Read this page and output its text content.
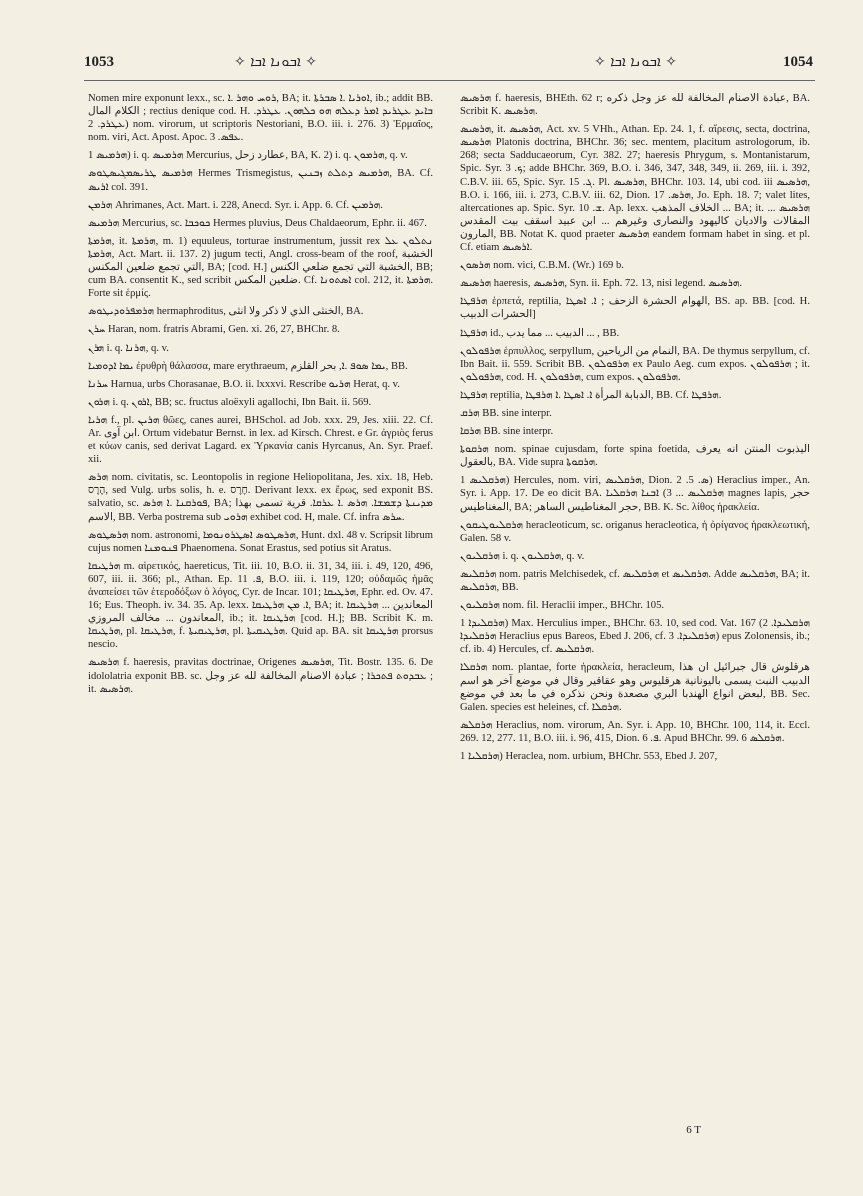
1053	✧ ܐܒܘܢܐ ܐܒܐ ✧	✧ ܐܒܘܢܐ ܐܒܐ ✧	1054

Nomen mire exponunt lexx., sc. ܪܘܚ ܘܗܪ .ܐ, BA; it. ܐܘܪܝܐ .ܐ ܣܒܪܬܐ, ib.; addit BB. الكلام المال ; rectius denique cod. H. ܒܐܝܕ ܥܛܪܝܕ ܐܡܪ ܕܥܠܗ ܗܘ ܟܠܗܘܢ. ܥܛܪܕ. ܥܛܪܕ. 2) nom. virorum, ut scriptoris Nestoriani, B.O. iii. i. 276. 3) Ἑρμαῖος, nom. viri, Act. Apost. Apoc. ܥܦܣ. 3.

ܗܪܡܝܣ 1) i. q. ܗܪܡܝܣ Mercurius, عطارد زحل, BA, K. 2) i. q. ܗܪܡܘܢ, q. v.

ܗܪܡܝܣ ܛܪܝܣܡܓܝܣܛܘܣ Hermes Trismegistus, ܗܪܡܝܣ ܕܬܠܬ ܙܒܢܝܢ, BA. Cf. ܐܪܝܣ col. 391.

ܗܪܡܢ Ahrimanes, Act. Mart. i. 228, Anecd. Syr. i. App. 6. Cf. ܗܪܡܝܢ.

ܗܪܡܝܣ Mercurius, sc. ܟܘܟܒܐ Hermes pluvius, Deus Chaldaeorum, Ephr. ii. 467.

ܗܪܡܬܐ, it. ܗܪܡܬܐ, m. 1) equuleus, torturae instrumentum, jussit rex ܢܬܠܘܢ ܥܠ ܗܪܡܬܐ, Act. Mart. ii. 137. 2) jugum tecti, Angl. cross-beam of the roof, الخشبة التي تجمع ضلعين المكنس, BA; [cod. H.] الخشبة التي تجمع ضلعي الكنس, BB; cum BA. consentit K., sed scribit ضلعين المكس. Cf. ܐܣܬܘܢܐ col. 212, it. ܗܪܡܬܐ. Forte sit ἑρμίς.

ܗܪܡܦܪܘܕܝܛܘܣ hermaphroditus, الخنثى الذي لا ذكر ولا انثى, BA.

ܚܪܢ Haran, nom. fratris Abrami, Gen. xi. 26, 27, BHChr. 8.

ܗܪܢ i. q. ܗܪܢܐ, q. v.

ܝܡܐ ܐܕܘܡܝܐ ἐρυθρὴ θάλασσα, mare erythraeum, ܝܡܐ ܣܘܦ .ܐ, بحر القلزم, BB.

ܚܪܢܐ Harnua, urbs Chorasanae, B.O. ii. lxxxvi. Rescribe ܗܪܝܘ Herat, q. v.

ܗܪܘܢ i. q. ܐܪܘܢ, BB; sc. fructus aloëxyli agallochi, Ibn Bait. ii. 569.

ܗܪܝܐ f., pl. ܗܪܝܢ θῶες, canes aurei, BHSchol. ad Job. xxx. 29, Jes. xiii. 22. Cf. Ar. ابن آوى. Ortum videbatur Bernst. in lex. ad Kirsch. Chrest. e Gr. ἀγριὸς ferus et κύων canis, sed derivat Lagard. ex Ὑρκανία canis Hyrcanus, An. Syr. Praef. xii.

ܗܪܣ nom. civitatis, sc. Leontopolis in regione Heliopolitana, Jes. xix. 18, Heb. הֶרֶס, sed Vulg. urbs solis, h. e. חֶרֶס. Derivant lexx. ex ἔρως, sed exponit BS. salvatio, sc. ܦܘܪܩܢܐ .ܐ ܗܪܣ, BA; ܡܕܝܢܬܐ ܕܫܡܫܐ. ܗܪܣ .ܐ ܥܪܩܐ. قرية تسمى بهذا الاسم, BB. Verba postrema sub ܗܪܘܝ exhibet cod. H, male. Cf. infra ܚܪܣ.

ܗܪܣܛܘܣ nom. astronomi, ܗܪܣܛܘܣ ܐܣܛܪܘܢܘܡܐ, Hunt. dxl. 48 v. Scripsit librum cujus nomen ܦܢܘܡܢܐ Phaenomena. Sonat Erastus, sed potius sit Aratus.

ܗܪܛܝܩܐ m. αἱρετικός, haereticus, Tit. iii. 10, B.O. ii. 31, 34, iii. i. 49, 120, 496, 607, iii. ii. 366; pl., Athan. Ep. ܦ. 11, B.O. iii. i. 119, 120; οὐδαμῶς ἡμᾶς ἀναπείσει τῶν ἑτεροδόξων ὁ λόγος, Cyr. de Incar. 101; ܗܪܛܝܩܐ, Ephr. ed. Ov. 47. 16; Eus. Theoph. iv. 34. 35. Ap. lexx. ܐ. ܡܢ ܗܪܛܝܩܐ, BA; it. المعاندين ... ܗܪܛܝܩܐ المعاندون ... مخالف المروزي, ib.; it. ܗܪܛܝܩܐ [cod. H.]; BB. Scribit K. m. ܗܪܛܝܩܐ, pl. ܗܪܛܝܩܐ, f. ܗܪܛܝܩܝܬܐ, pl. ܗܪܛܝܩܝܬܐ. Quid ap. BA. sit ܗܪܛܝܩܐ prorsus nescio.

ܗܪܣܝܣ f. haeresis, pravitas doctrinae, Origenes ܗܪܣܝܣ, Tit. Bostr. 135. 6. De idololatria exponit BB. sc. ܥܒܕܘܬ ܦܬܟܪܐ ; عبادة الاصنام المخالفة لله عز وجل ; it. ܗܪܣܝܣ.

ܗܪܣܝܣ f. haeresis, BHEth. 62 r; عبادة الاصنام المخالفة لله عز وجل ذكره, BA. Scribit K. ܗܪܣܝܣ.

ܗܪܣܝܣ, it. ܗܪܣܝܣ, Act. xv. 5 VHh., Athan. Ep. 24. 1, f. αἵρεσις, secta, doctrina, ܗܪܣܝܣ Platonis doctrina, BHChr. 36; sec. mentem, placitum astrologorum, ib. 268; secta Sadducaeorum, Cyr. 382. 27; haeresis Phrygum, s. Montanistarum, Spic. Syr. ܟ. 3; adde BHChr. 369, B.O. i. 346, 347, 348, 349, ii. 269, iii. i. 392, C.B.V. iii. 65, Spic. Syr. ܓ. 15. Pl. ܗܪܣܝܣ, BHChr. 103. 14, ubi cod. iii ܗܪܣܝܣ, B.O. i. 166, iii. i. 273, C.B.V. iii. 62, Dion. ܗܪܣ. 17, Jo. Eph. 18. 7; valet lites, altercationes ap. Spic. Syr. ܫ. 10. Ap. lexx. الخلاف المذهب ... BA; it. ܗܪܣܝܣ ... المقالات والاديان كاليهود والنصارى وغيرهم ... ابن عبيد اسقف بيت المقدس المارون, BB. Notat K. quod praeter ܗܪܣܝܣ eandem formam habet in sing. et pl. Cf. etiam ܐܪܣܝܣ.

ܗܪܣܘܢ nom. vici, C.B.M. (Wr.) 169 b.

ܗܪܣܝܣ haeresis, ܗܪܣܝܣ, Syn. ii. Eph. 72. 13, nisi legend. ܗܪܣܝܣ.

ܗܪܦܛܐ ἑρπετά, reptilia, الهوام الحشرة الزحف ; ܐ. ܐܣܛܐ, BS. ap. BB. [cod. H. الحشرات الدبيب]

ܗܪܦܛܐ id., الدبيب ... مما يدب ... , BB.

ܗܪܦܘܠܘܢ ἑρπυλλος, serpyllum, النمام من الرياحين, BA. De thymus serpyllum, cf. Ibn Bait. ii. 559. Scribit BB. ܗܪܦܘܠܘܢ ex Paulo Aeg. cum expos. ܗܪܦܘܠܘܢ ; it. ܗܪܦܘܠܘܢ, cod. H. ܗܪܦܘܠܘܢ, cum expos. ܗܪܦܘܠܘܢ.

ܗܪܦܛܐ reptilia, الدبابة المرأة ܐ. ܐܣܛܐ .ܐ ܗܪܦܛܐ, BB. Cf. ܗܪܦܛܐ.

ܗܪܩ BB. sine interpr.

ܗܪܩܐ BB. sine interpr.

ܗܪܩܘܬܐ nom. spinae cujusdam, forte spina foetida, اليذبوت المنتن انه يعرف بالعقول, BA. Vide supra ܗܪܩܘܬܐ.

ܗܪܩܠܝܣ 1) Hercules, nom. viri, ܗܪܩܠܝܣ, Dion. ܣ. 5. 2) Heraclius imper., An. Syr. i. App. 17. De eo dicit BA. ܗܪܩܠܝܣ ... 3) ܐܒܢܐ ܗܪܩܠܝܐ magnes lapis, حجر المغناطيس, BA; حجر المغناطيس الساهر, BB. K. Sc. λίθος ἡρακλεία.

ܗܪܩܠܝܘܛܝܩܘܢ heracleoticum, sc. origanus heracleotica, ἡ ὀρίγανος ἡρακλεωτική, Galen. 58 v.

ܗܪܩܠܝܘܢ i. q. ܗܪܩܠܝܘܢ, q. v.

ܗܪܩܠܝܣ nom. patris Melchisedek, cf. ܗܪܩܠܝܣ et ܗܪܩܠܝܣ. Adde ܗܪܩܠܝܣ, BA; it. ܗܪܩܠܝܣ, BB.

ܗܪܩܠܝܘܢ nom. fil. Heraclii imper., BHChr. 105.

ܗܪܩܠܝܕܐ 1) Max. Herculius imper., BHChr. 63. 10, sed cod. Vat. 167 ܗܪܩܠܝܕܐ. 2) ܗܪܩܠܝܕܐ Heraclius epus Bareos, Ebed J. 206, cf. ܗܪܩܠܝܕܐ. 3) epus Zolonensis, ib.; cf. ib. 4) Hercules, cf. ܗܪܩܠܝܣ.

ܗܪܩܠܐ nom. plantae, forte ἡρακλεία, heracleum, هرقلوش قال جبرائيل ان هذا الدبيب النبت يسمى باليونانية هرقليوس وهو عقاقير وقال في موضع آخر هو اسم لبعض انواع الهندبا البري مصعدة ونحن نذكره في ما بعد في موضع, BB. Sec. Galen. species est heleines, cf. ܗܪܩܠܐ.

ܗܪܩܠܣ Heraclius, nom. virorum, An. Syr. i. App. 10, BHChr. 100, 114, it. Eccl. 269. 12, 277. 11, B.O. iii. i. 96, 415, Dion. ܦ. 6. Apud BHChr. 99. 6 ܗܪܩܠܣ.

ܗܪܩܠܝܐ 1) Heraclea, nom. urbium, BHChr. 553, Ebed J. 207,

6 T
